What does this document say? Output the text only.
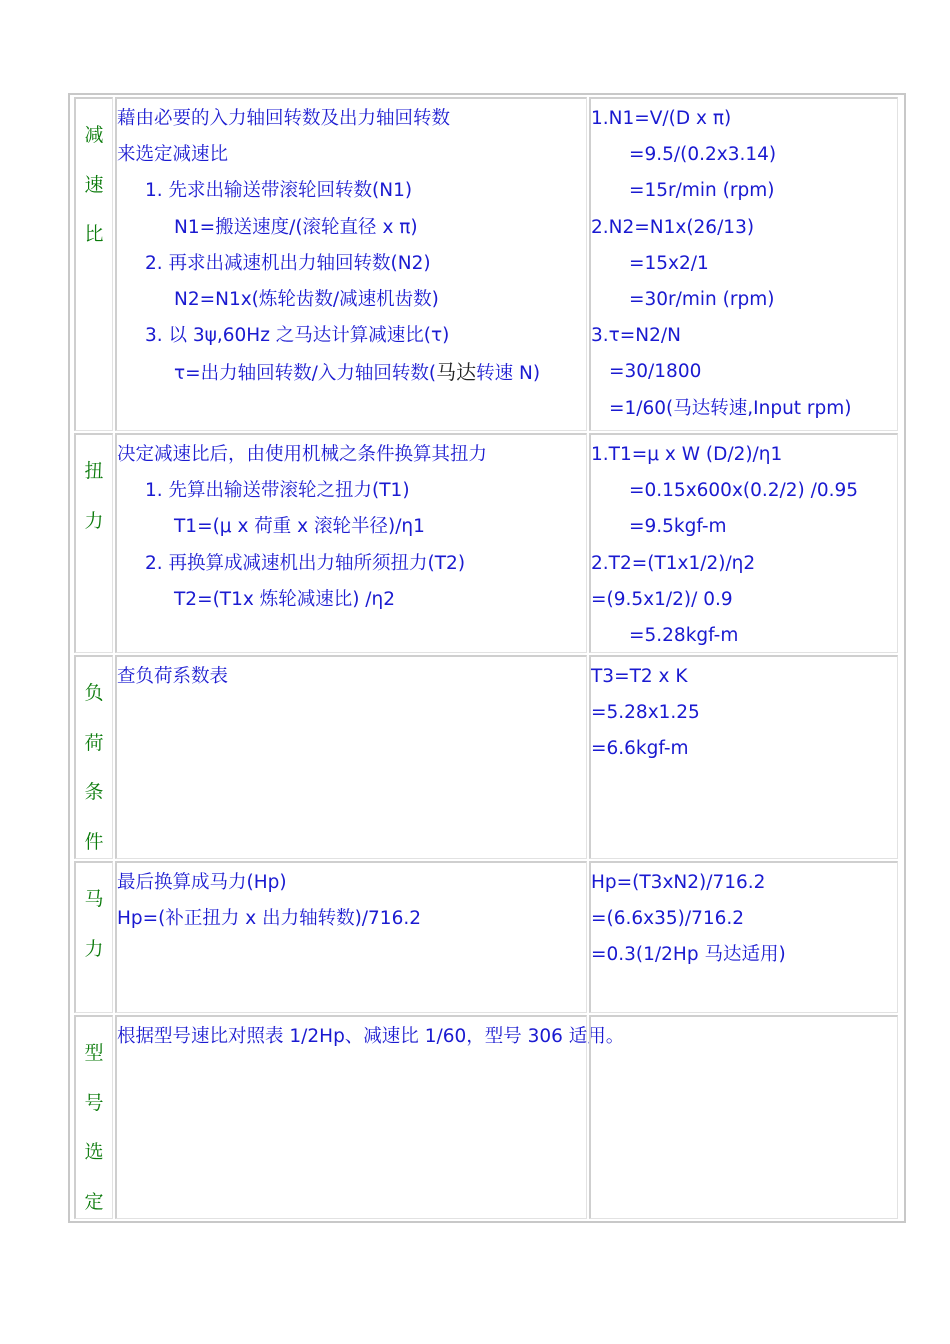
减
速
比
藉由必要的入力轴回转数及出力轴回转数
来选定减速比
1. 先求出输送带滚轮回转数(N1)
N1=搬送速度/(滚轮直径 x π)
2. 再求出减速机出力轴回转数(N2)
N2=N1x(炼轮齿数/减速机齿数)
3. 以 3ψ,60Hz 之马达计算减速比(τ)
τ=出力轴回转数/入力轴回转数(马达转速 N)
1.N1=V/(D x π)
=9.5/(0.2x3.14)
=15r/min (rpm)
2.N2=N1x(26/13)
=15x2/1
=30r/min (rpm)
3.τ=N2/N
=30/1800
=1/60(马达转速,Input rpm)
扭
力
决定减速比后，由使用机械之条件换算其扭力
1. 先算出输送带滚轮之扭力(T1)
T1=(μ x 荷重 x 滚轮半径)/η1
2. 再换算成减速机出力轴所须扭力(T2)
T2=(T1x 炼轮减速比) /η2
1.T1=μ x W (D/2)/η1
=0.15x600x(0.2/2) /0.95
=9.5kgf-m
2.T2=(T1x1/2)/η2
=(9.5x1/2)/ 0.9
=5.28kgf-m
负
荷
条
件
查负荷系数表	T3=T2 x K
=5.28x1.25
=6.6kgf-m
马
力
最后换算成马力(Hp)
Hp=(补正扭力 x 出力轴转数)/716.2
Hp=(T3xN2)/716.2
=(6.6x35)/716.2
=0.3(1/2Hp 马达适用)
型
号
选
定
根据型号速比对照表 1/2Hp、减速比 1/60，型号 306 适用。
